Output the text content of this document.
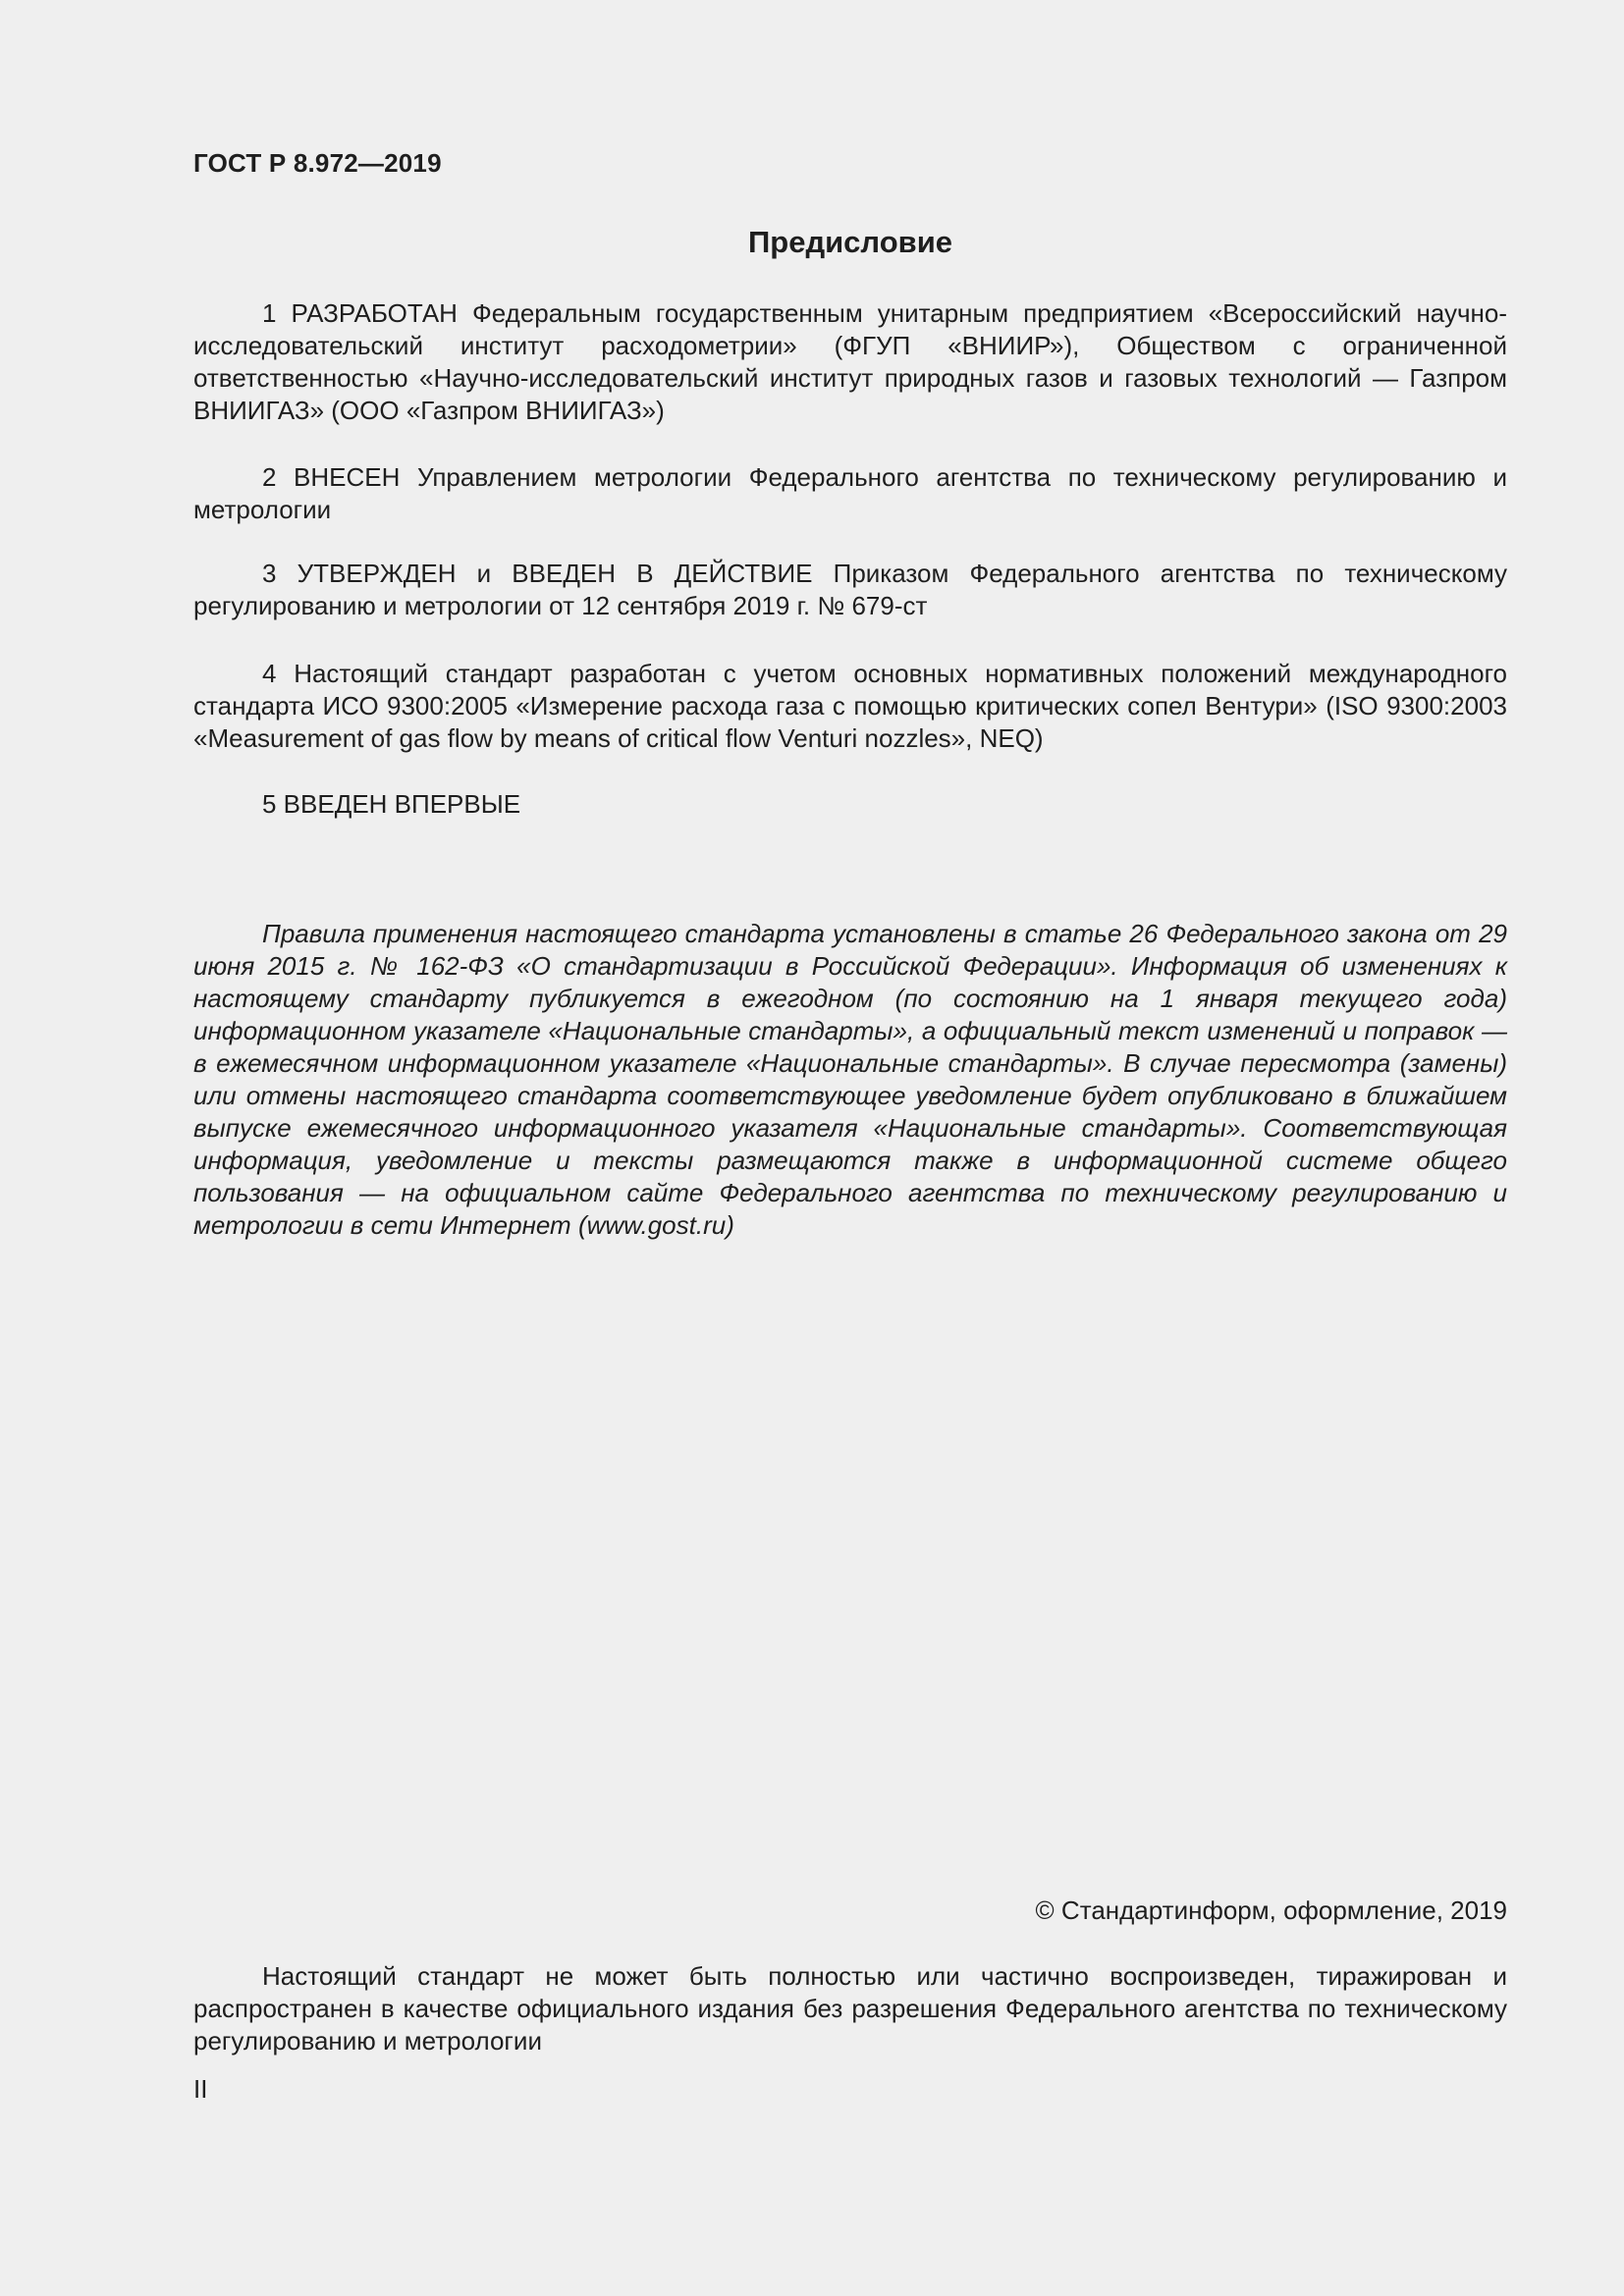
ГОСТ Р 8.972—2019
Предисловие

1 РАЗРАБОТАН Федеральным государственным унитарным предприятием «Всероссийский научно-исследовательский институт расходометрии» (ФГУП «ВНИИР»), Обществом с ограниченной ответственностью «Научно-исследовательский институт природных газов и газовых технологий — Газпром ВНИИГАЗ» (ООО «Газпром ВНИИГАЗ»)

2 ВНЕСЕН Управлением метрологии Федерального агентства по техническому регулированию и метрологии

3 УТВЕРЖДЕН и ВВЕДЕН В ДЕЙСТВИЕ Приказом Федерального агентства по техническому регулированию и метрологии от 12 сентября 2019 г. № 679-ст

4 Настоящий стандарт разработан с учетом основных нормативных положений международного стандарта ИСО 9300:2005 «Измерение расхода газа с помощью критических сопел Вентури» (ISO 9300:2003 «Measurement of gas flow by means of critical flow Venturi nozzles», NEQ)

5 ВВЕДЕН ВПЕРВЫЕ

Правила применения настоящего стандарта установлены в статье 26 Федерального закона от 29 июня 2015 г. № 162-ФЗ «О стандартизации в Российской Федерации». Информация об изменениях к настоящему стандарту публикуется в ежегодном (по состоянию на 1 января текущего года) информационном указателе «Национальные стандарты», а официальный текст изменений и поправок — в ежемесячном информационном указателе «Национальные стандарты». В случае пересмотра (замены) или отмены настоящего стандарта соответствующее уведомление будет опубликовано в ближайшем выпуске ежемесячного информационного указателя «Национальные стандарты». Соответствующая информация, уведомление и тексты размещаются также в информационной системе общего пользования — на официальном сайте Федерального агентства по техническому регулированию и метрологии в сети Интернет (www.gost.ru)

© Стандартинформ, оформление, 2019

Настоящий стандарт не может быть полностью или частично воспроизведен, тиражирован и распространен в качестве официального издания без разрешения Федерального агентства по техническому регулированию и метрологии

II
